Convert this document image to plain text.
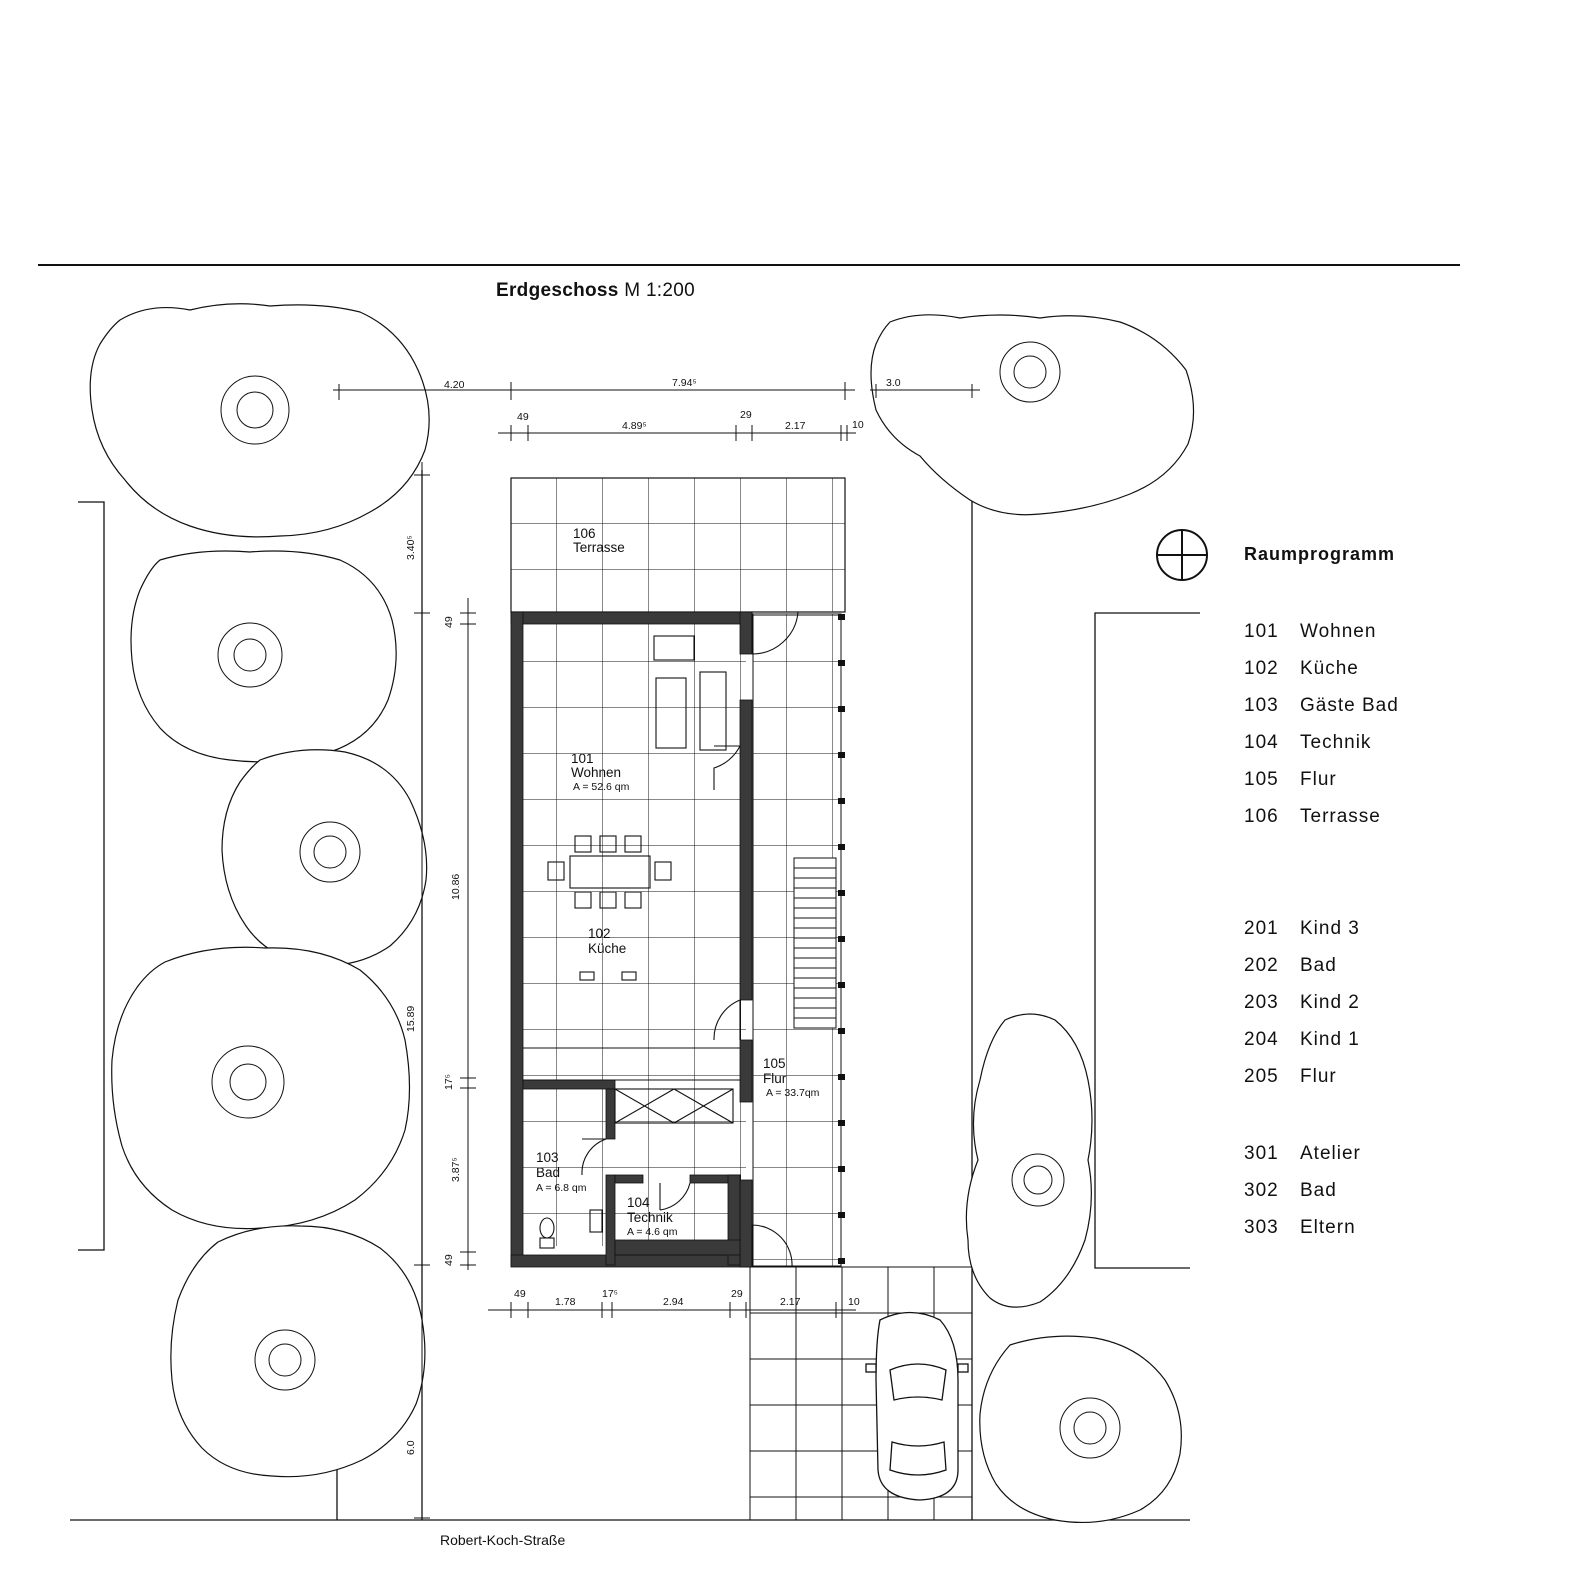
106
Terrasse
4.20	7.94⁵	3.0
49
4.89⁵
29
2.17	10
49
1.78
17⁵
2.94
29
2.17	10
3.40⁵
15.89
6.0
49
10.86
17⁵
3.87⁵
49
101
Wohnen
A = 52.6 qm
102
Küche
105
Flur
A = 33.7qm
103
Bad
A = 6.8 qm
104
Technik
A = 4.6 qm
Erdgeschoss M 1:200
Raumprogramm
101 Wohnen
102 Küche
103 Gäste Bad
104 Technik
105 Flur
106 Terrasse
201 Kind 3
202 Bad
203 Kind 2
204 Kind 1
205 Flur
301 Atelier
302 Bad
303 Eltern
Robert-Koch-Straße
